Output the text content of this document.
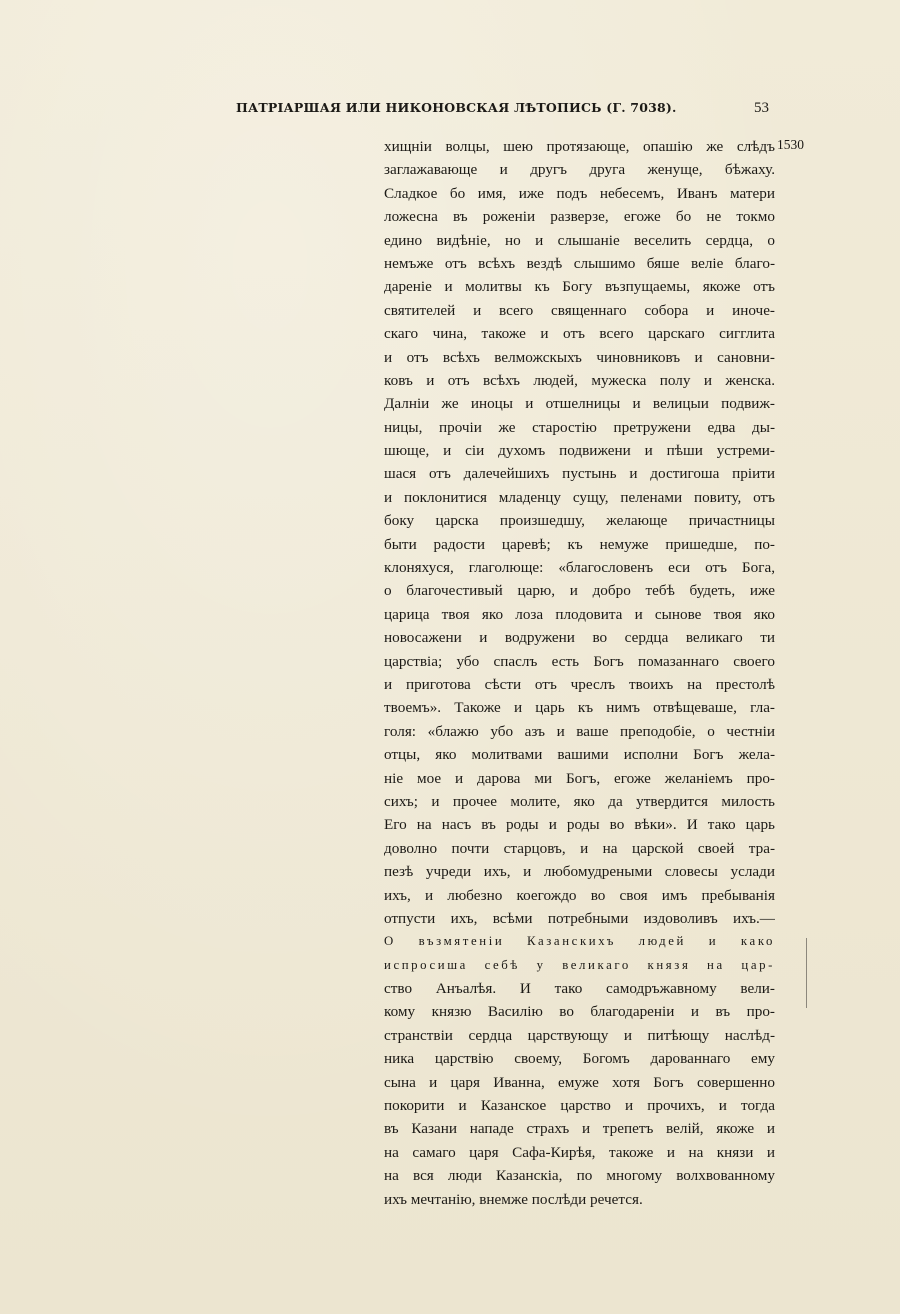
ПАТРІАРШАЯ ИЛИ НИКОНОВСКАЯ ЛѢТОПИСЬ (Г. 7038).	53
1530
хищніи волцы, шею протязающе, опашію же слѣдъ
заглажавающе и другъ друга женуще, бѣжаху.
Сладкое бо имя, иже подъ небесемъ, Иванъ матери
ложесна въ роженіи разверзе, егоже бо не токмо
едино видѣніе, но и слышаніе веселить сердца, о
немъже отъ всѣхъ вездѣ слышимо бяше веліе благо-
дареніе и молитвы къ Богу възпущаемы, якоже отъ
святителей и всего священнаго собора и иноче-
скаго чина, такоже и отъ всего царскаго сигглита
и отъ всѣхъ велможскыхъ чиновниковъ и сановни-
ковъ и отъ всѣхъ людей, мужеска полу и женска.
Далніи же иноцы и отшелницы и велицыи подвиж-
ницы, прочіи же старостію претружени едва ды-
шюще, и сіи духомъ подвижени и пѣши устреми-
шася отъ далечейшихъ пустынь и достигоша пріити
и поклонитися младенцу сущу, пеленами повиту, отъ
боку царска произшедшу, желающе причастницы
быти радости царевѣ; къ немуже пришедше, по-
клоняхуся, глаголюще: «благословенъ еси отъ Бога,
о благочестивый царю, и добро тебѣ будеть, иже
царица твоя яко лоза плодовита и сынове твоя яко
новосажени и водружени во сердца великаго ти
царствіа; убо спаслъ есть Богъ помазаннаго своего
и приготова сѣсти отъ чреслъ твоихъ на престолѣ
твоемъ». Такоже и царь къ нимъ отвѣщеваше, гла-
голя: «блажю убо азъ и ваше преподобіе, о честніи
отцы, яко молитвами вашими исполни Богъ жела-
ніе мое и дарова ми Богъ, егоже желаніемъ про-
сихъ; и прочее молите, яко да утвердится милость
Его на насъ въ роды и роды во вѣки». И тако царь
доволно почти старцовъ, и на царской своей тра-
пезѣ учреди ихъ, и любомудреными словесы услади
ихъ, и любезно коегождо во своя имъ пребыванія
отпусти ихъ, всѣми потребными издоволивъ ихъ.—
О възмятеніи Казанскихъ людей и како
испросиша себѣ у великаго князя на цар-
ство Анъалѣя. И тако самодръжавному вели-
кому князю Василію во благодареніи и въ про-
странствіи сердца царствующу и питѣющу наслѣд-
ника царствію своему, Богомъ дарованнаго ему
сына и царя Иванна, емуже хотя Богъ совершенно
покорити и Казанское царство и прочихъ, и тогда
въ Казани нападе страхъ и трепетъ велій, якоже и
на самаго царя Сафа-Кирѣя, такоже и на князи и
на вся люди Казанскіа, по многому волхвованному
ихъ мечтанію, внемже послѣди речется.
